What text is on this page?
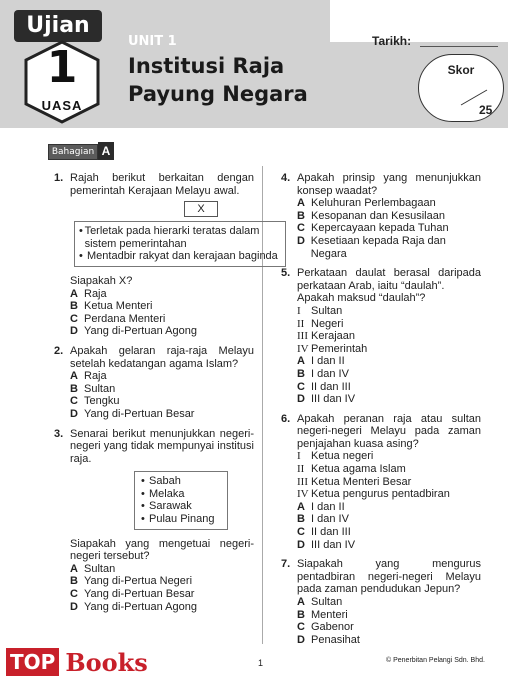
Ujian
1
UASA
UNIT 1
Institusi Raja Payung Negara
Tarikh:
Skor
25
Bahagian A
1. Rajah berikut berkaitan dengan pemerintah Kerajaan Melayu awal.
X
• Terletak pada hierarki teratas dalam sistem pemerintahan
• Mentadbir rakyat dan kerajaan baginda
Siapakah X?
A Raja
B Ketua Menteri
C Perdana Menteri
D Yang di-Pertuan Agong
2. Apakah gelaran raja-raja Melayu setelah kedatangan agama Islam?
A Raja
B Sultan
C Tengku
D Yang di-Pertuan Besar
3. Senarai berikut menunjukkan negeri-negeri yang tidak mempunyai institusi raja.
• Sabah
• Melaka
• Sarawak
• Pulau Pinang
Siapakah yang mengetuai negeri-negeri tersebut?
A Sultan
B Yang di-Pertua Negeri
C Yang di-Pertuan Besar
D Yang di-Pertuan Agong
4. Apakah prinsip yang menunjukkan konsep waadat?
A Keluhuran Perlembagaan
B Kesopanan dan Kesusilaan
C Kepercayaan kepada Tuhan
D Kesetiaan kepada Raja dan Negara
5. Perkataan daulat berasal daripada perkataan Arab, iaitu “daulah”.
Apakah maksud “daulah”?
I Sultan
II Negeri
III Kerajaan
IV Pemerintah
A I dan II
B I dan IV
C II dan III
D III dan IV
6. Apakah peranan raja atau sultan negeri-negeri Melayu pada zaman penjajahan kuasa asing?
I Ketua negeri
II Ketua agama Islam
III Ketua Menteri Besar
IV Ketua pengurus pentadbiran
A I dan II
B I dan IV
C II dan III
D III dan IV
7. Siapakah yang mengurus pentadbiran negeri-negeri Melayu pada zaman pendudukan Jepun?
A Sultan
B Menteri
C Gabenor
D Penasihat
TOP Books	1	© Penerbitan Pelangi Sdn. Bhd.
